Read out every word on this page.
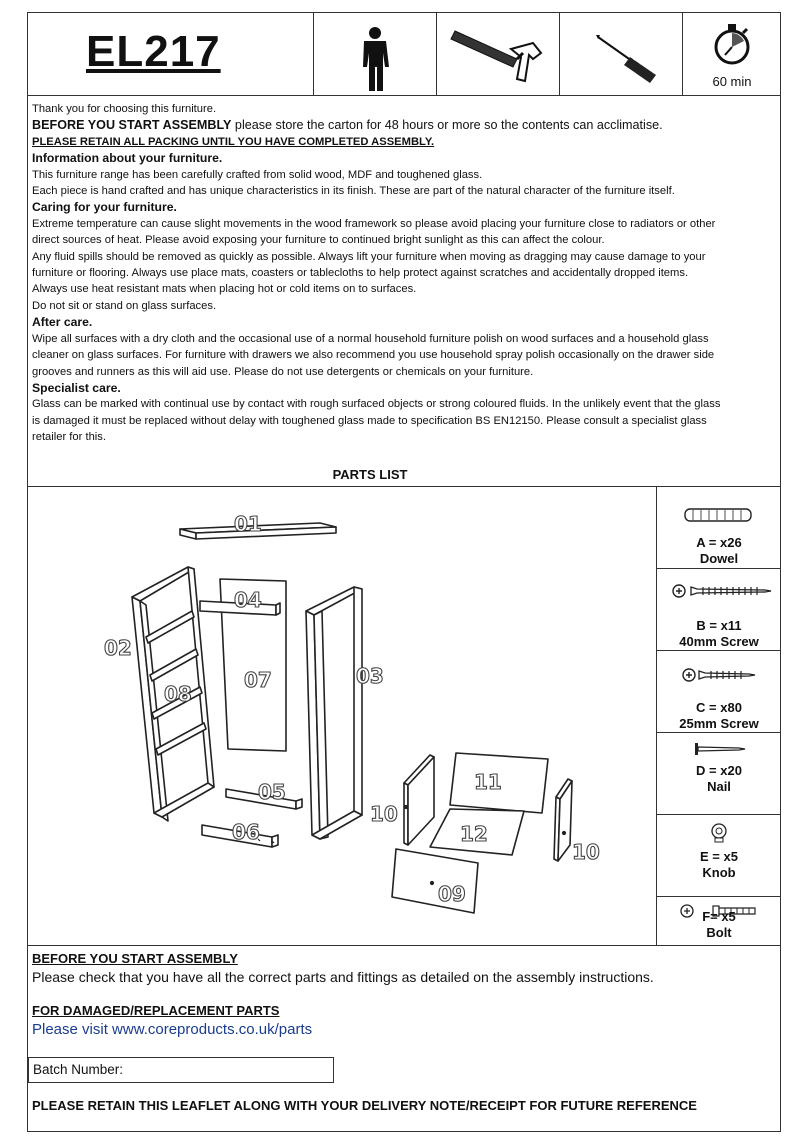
EL217
60 min

Thank you for choosing this furniture.

BEFORE YOU START ASSEMBLY please store the carton for 48 hours or more so the contents can acclimatise.

PLEASE RETAIN ALL PACKING UNTIL YOU HAVE COMPLETED ASSEMBLY.

Information about your furniture.

This furniture range has been carefully crafted from solid wood, MDF and toughened glass.

Each piece is hand crafted and has unique characteristics in its finish. These are part of the natural character of the furniture itself.

Caring for your furniture.

Extreme temperature can cause slight movements in the wood framework so please avoid placing your furniture close to radiators or other

direct sources of heat. Please avoid exposing your furniture to continued bright sunlight as this can affect the colour.

Any fluid spills should be removed as quickly as possible. Always lift your furniture when moving as dragging may cause damage to your

furniture or flooring. Always use place mats, coasters or tablecloths to help protect against scratches and accidentally dropped items.

Always use heat resistant mats when placing hot or cold items on to surfaces.

Do not sit or stand on glass surfaces.

After care.

Wipe all surfaces with a dry cloth and the occasional use of a normal household furniture polish on wood surfaces and a household glass

cleaner on glass surfaces. For furniture with drawers we also recommend you use household spray polish occasionally on the drawer side

grooves and runners as this will aid use. Please do not use detergents or chemicals on your furniture.

Specialist care.

Glass can be marked with continual use by contact with rough surfaced objects or strong coloured fluids. In the unlikely event that the glass

is damaged it must be replaced without delay with toughened glass made to specification BS EN12150. Please consult a specialist glass

retailer for this.

PARTS LIST
01
02
03
04
05
06
07
08
09
10
10
11
12
A = x26
Dowel
B = x11
40mm Screw
C = x80
25mm Screw
D = x20
Nail
E = x5
Knob
F= x5
Bolt

BEFORE YOU START ASSEMBLY

Please check that you have all the correct parts and fittings as detailed on the assembly instructions.

FOR DAMAGED/REPLACEMENT PARTS

Please visit www.coreproducts.co.uk/parts

Batch Number:
PLEASE RETAIN THIS LEAFLET ALONG WITH YOUR DELIVERY NOTE/RECEIPT FOR FUTURE REFERENCE
